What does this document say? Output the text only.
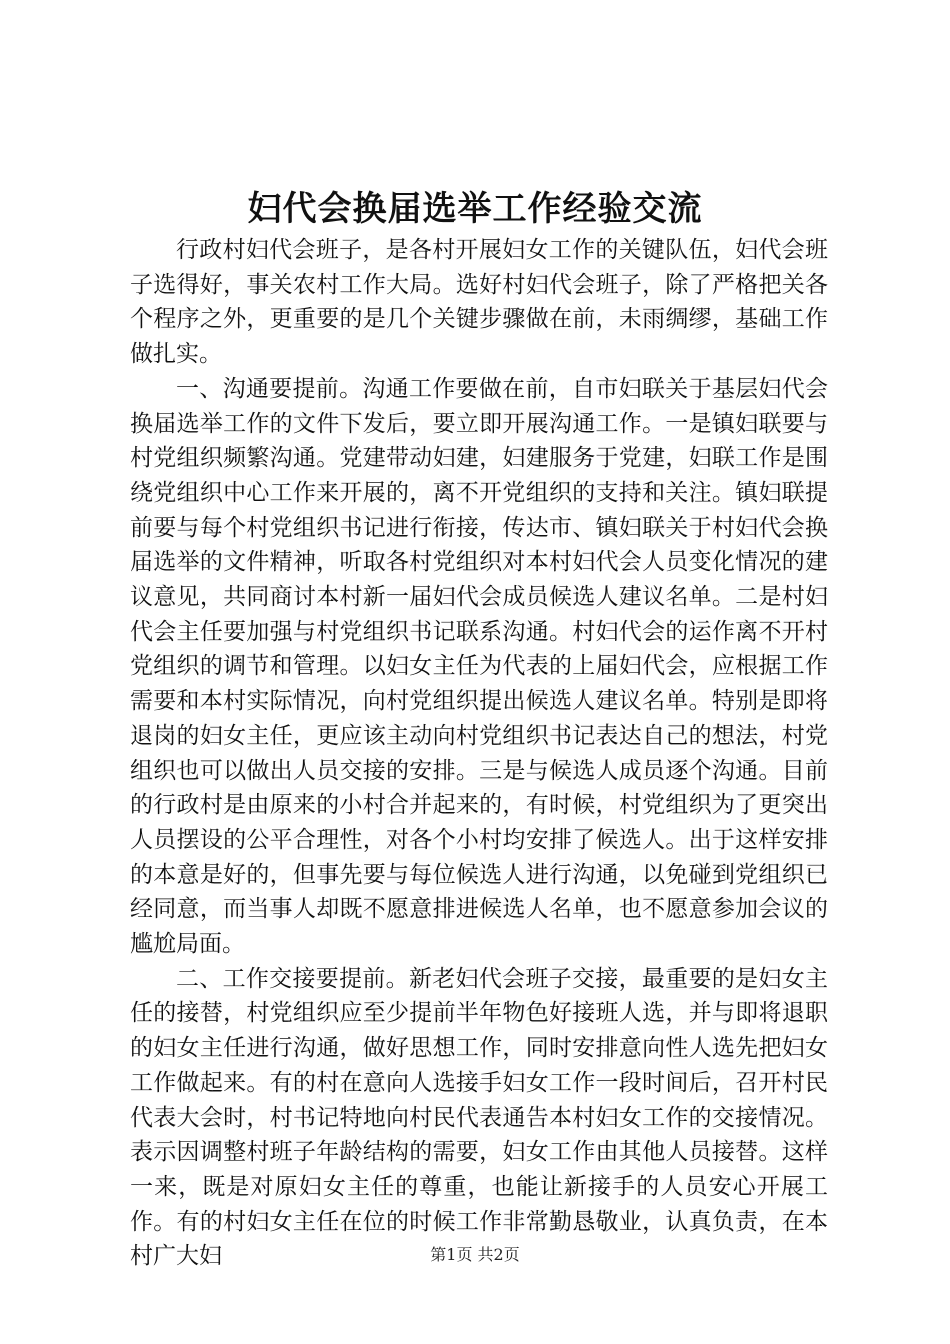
妇代会换届选举工作经验交流

行政村妇代会班子，是各村开展妇女工作的关键队伍，妇代会班子选得好，事关农村工作大局。选好村妇代会班子，除了严格把关各个程序之外，更重要的是几个关键步骤做在前，未雨绸缪，基础工作做扎实。

一、沟通要提前。沟通工作要做在前，自市妇联关于基层妇代会换届选举工作的文件下发后，要立即开展沟通工作。一是镇妇联要与村党组织频繁沟通。党建带动妇建，妇建服务于党建，妇联工作是围绕党组织中心工作来开展的，离不开党组织的支持和关注。镇妇联提前要与每个村党组织书记进行衔接，传达市、镇妇联关于村妇代会换届选举的文件精神，听取各村党组织对本村妇代会人员变化情况的建议意见，共同商讨本村新一届妇代会成员候选人建议名单。二是村妇代会主任要加强与村党组织书记联系沟通。村妇代会的运作离不开村党组织的调节和管理。以妇女主任为代表的上届妇代会，应根据工作需要和本村实际情况，向村党组织提出候选人建议名单。特别是即将退岗的妇女主任，更应该主动向村党组织书记表达自己的想法，村党组织也可以做出人员交接的安排。三是与候选人成员逐个沟通。目前的行政村是由原来的小村合并起来的，有时候，村党组织为了更突出人员摆设的公平合理性，对各个小村均安排了候选人。出于这样安排的本意是好的，但事先要与每位候选人进行沟通，以免碰到党组织已经同意，而当事人却既不愿意排进候选人名单，也不愿意参加会议的尴尬局面。

二、工作交接要提前。新老妇代会班子交接，最重要的是妇女主任的接替，村党组织应至少提前半年物色好接班人选，并与即将退职的妇女主任进行沟通，做好思想工作，同时安排意向性人选先把妇女工作做起来。有的村在意向人选接手妇女工作一段时间后，召开村民代表大会时，村书记特地向村民代表通告本村妇女工作的交接情况。表示因调整村班子年龄结构的需要，妇女工作由其他人员接替。这样一来，既是对原妇女主任的尊重，也能让新接手的人员安心开展工作。有的村妇女主任在位的时候工作非常勤恳敬业，认真负责，在本村广大妇	第1页 共2页
